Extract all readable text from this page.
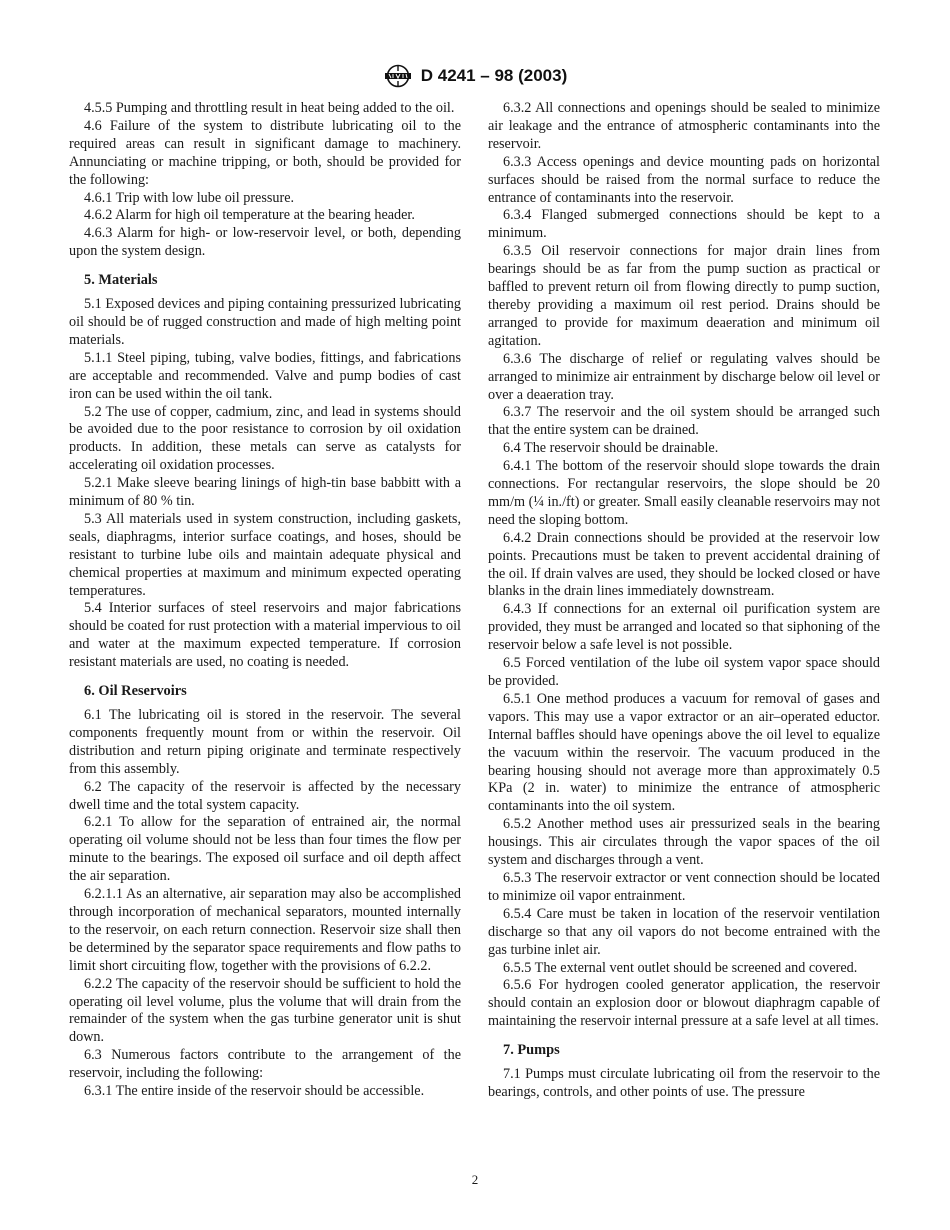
D 4241 – 98 (2003)
4.5.5 Pumping and throttling result in heat being added to the oil.
4.6 Failure of the system to distribute lubricating oil to the required areas can result in significant damage to machinery. Annunciating or machine tripping, or both, should be provided for the following:
4.6.1 Trip with low lube oil pressure.
4.6.2 Alarm for high oil temperature at the bearing header.
4.6.3 Alarm for high- or low-reservoir level, or both, depending upon the system design.
5. Materials
5.1 Exposed devices and piping containing pressurized lubricating oil should be of rugged construction and made of high melting point materials.
5.1.1 Steel piping, tubing, valve bodies, fittings, and fabrications are acceptable and recommended. Valve and pump bodies of cast iron can be used within the oil tank.
5.2 The use of copper, cadmium, zinc, and lead in systems should be avoided due to the poor resistance to corrosion by oil oxidation products. In addition, these metals can serve as catalysts for accelerating oil oxidation processes.
5.2.1 Make sleeve bearing linings of high-tin base babbitt with a minimum of 80 % tin.
5.3 All materials used in system construction, including gaskets, seals, diaphragms, interior surface coatings, and hoses, should be resistant to turbine lube oils and maintain adequate physical and chemical properties at maximum and minimum expected operating temperatures.
5.4 Interior surfaces of steel reservoirs and major fabrications should be coated for rust protection with a material impervious to oil and water at the maximum expected temperature. If corrosion resistant materials are used, no coating is needed.
6. Oil Reservoirs
6.1 The lubricating oil is stored in the reservoir. The several components frequently mount from or within the reservoir. Oil distribution and return piping originate and terminate respectively from this assembly.
6.2 The capacity of the reservoir is affected by the necessary dwell time and the total system capacity.
6.2.1 To allow for the separation of entrained air, the normal operating oil volume should not be less than four times the flow per minute to the bearings. The exposed oil surface and oil depth affect the air separation.
6.2.1.1 As an alternative, air separation may also be accomplished through incorporation of mechanical separators, mounted internally to the reservoir, on each return connection. Reservoir size shall then be determined by the separator space requirements and flow paths to limit short circuiting flow, together with the provisions of 6.2.2.
6.2.2 The capacity of the reservoir should be sufficient to hold the operating oil level volume, plus the volume that will drain from the remainder of the system when the gas turbine generator unit is shut down.
6.3 Numerous factors contribute to the arrangement of the reservoir, including the following:
6.3.1 The entire inside of the reservoir should be accessible.
6.3.2 All connections and openings should be sealed to minimize air leakage and the entrance of atmospheric contaminants into the reservoir.
6.3.3 Access openings and device mounting pads on horizontal surfaces should be raised from the normal surface to reduce the entrance of contaminants into the reservoir.
6.3.4 Flanged submerged connections should be kept to a minimum.
6.3.5 Oil reservoir connections for major drain lines from bearings should be as far from the pump suction as practical or baffled to prevent return oil from flowing directly to pump suction, thereby providing a maximum oil rest period. Drains should be arranged to provide for maximum deaeration and minimum oil agitation.
6.3.6 The discharge of relief or regulating valves should be arranged to minimize air entrainment by discharge below oil level or over a deaeration tray.
6.3.7 The reservoir and the oil system should be arranged such that the entire system can be drained.
6.4 The reservoir should be drainable.
6.4.1 The bottom of the reservoir should slope towards the drain connections. For rectangular reservoirs, the slope should be 20 mm/m (¼ in./ft) or greater. Small easily cleanable reservoirs may not need the sloping bottom.
6.4.2 Drain connections should be provided at the reservoir low points. Precautions must be taken to prevent accidental draining of the oil. If drain valves are used, they should be locked closed or have blanks in the drain lines immediately downstream.
6.4.3 If connections for an external oil purification system are provided, they must be arranged and located so that siphoning of the reservoir below a safe level is not possible.
6.5 Forced ventilation of the lube oil system vapor space should be provided.
6.5.1 One method produces a vacuum for removal of gases and vapors. This may use a vapor extractor or an air–operated eductor. Internal baffles should have openings above the oil level to equalize the vacuum within the reservoir. The vacuum produced in the bearing housing should not average more than approximately 0.5 KPa (2 in. water) to minimize the entrance of atmospheric contaminants into the oil system.
6.5.2 Another method uses air pressurized seals in the bearing housings. This air circulates through the vapor spaces of the oil system and discharges through a vent.
6.5.3 The reservoir extractor or vent connection should be located to minimize oil vapor entrainment.
6.5.4 Care must be taken in location of the reservoir ventilation discharge so that any oil vapors do not become entrained with the gas turbine inlet air.
6.5.5 The external vent outlet should be screened and covered.
6.5.6 For hydrogen cooled generator application, the reservoir should contain an explosion door or blowout diaphragm capable of maintaining the reservoir internal pressure at a safe level at all times.
7. Pumps
7.1 Pumps must circulate lubricating oil from the reservoir to the bearings, controls, and other points of use. The pressure
2
